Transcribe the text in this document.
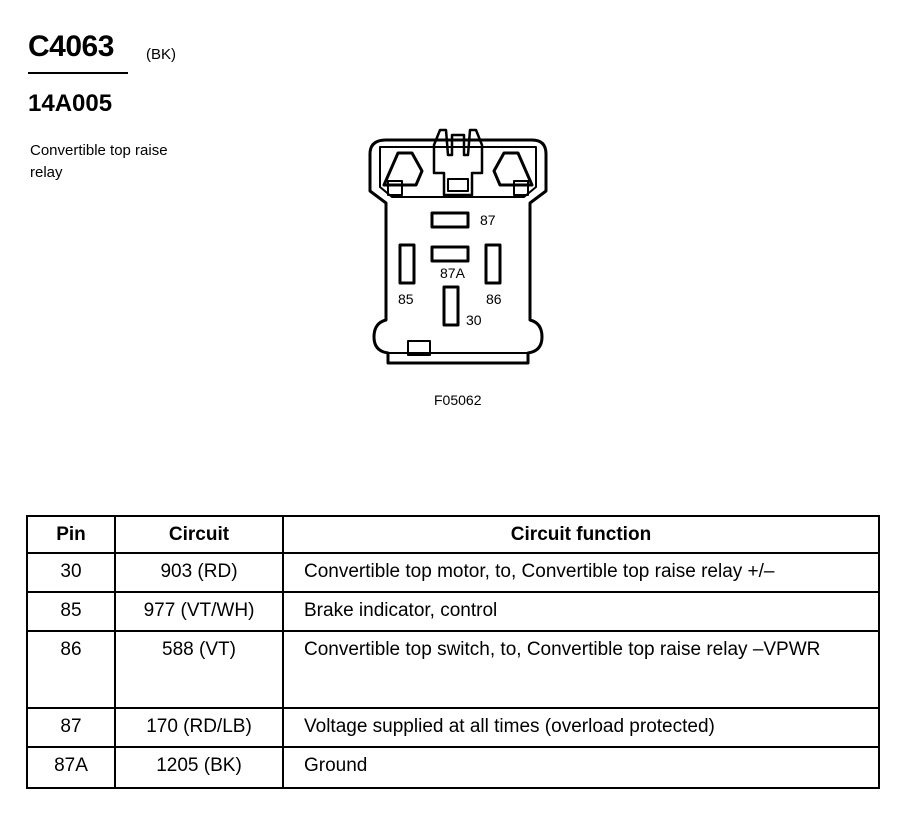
C4063 (BK)
14A005
Convertible top raise relay
87
87A
85	86
30
F05062
Pin	Circuit	Circuit function
30	903 (RD)	Convertible top motor, to, Convertible top raise relay +/–

85	977 (VT/WH)	Brake indicator, control

86	588 (VT)	Convertible top switch, to, Convertible top raise relay –VPWR

87	170 (RD/LB)	Voltage supplied at all times (overload protected)

87A	1205 (BK)	Ground
